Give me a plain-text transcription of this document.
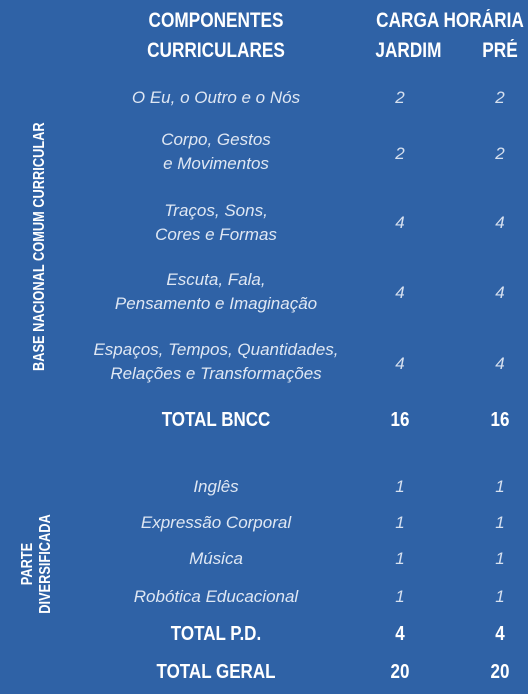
COMPONENTES
CURRICULARES
CARGA HORÁRIA
JARDIM	PRÉ
BASE NACIONAL COMUM CURRICULAR
PARTE DIVERSIFICADA
O Eu, o Outro e o Nós	2	2
Corpo, Gestos
e Movimentos
2	2
Traços, Sons,
Cores e Formas
4	4
Escuta, Fala,
Pensamento e Imaginação
4	4
Espaços, Tempos, Quantidades,
Relações e Transformações
4	4
TOTAL BNCC	16	16
Inglês	1	1
Expressão Corporal	1	1
Música	1	1
Robótica Educacional	1	1
TOTAL P.D.	4	4
TOTAL GERAL	20	20
